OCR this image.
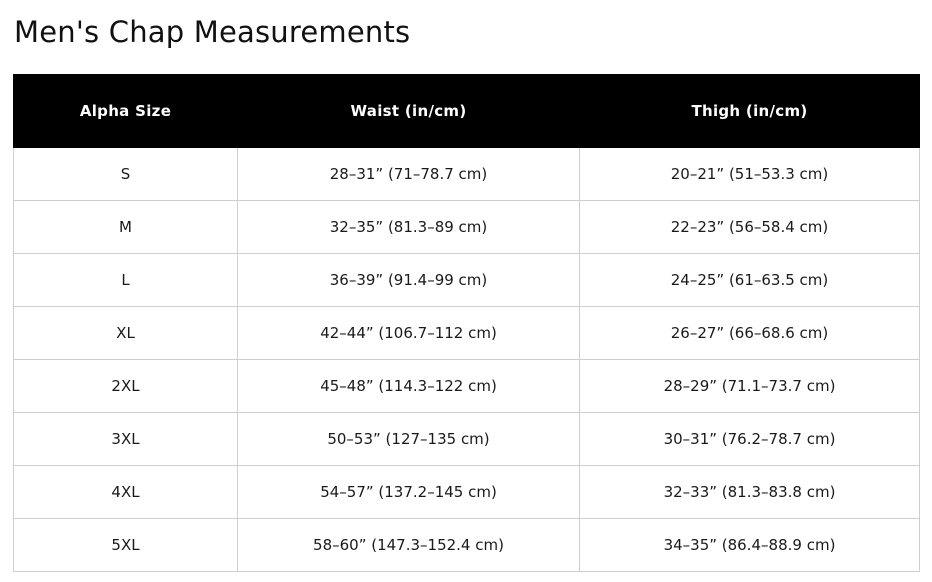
Men's Chap Measurements
Alpha Size	Waist (in/cm)	Thigh (in/cm)
S	28–31” (71–78.7 cm)	20–21” (51–53.3 cm)
M	32–35” (81.3–89 cm)	22–23” (56–58.4 cm)
L	36–39” (91.4–99 cm)	24–25” (61–63.5 cm)
XL	42–44” (106.7–112 cm)	26–27” (66–68.6 cm)
2XL	45–48” (114.3–122 cm)	28–29” (71.1–73.7 cm)
3XL	50–53” (127–135 cm)	30–31” (76.2–78.7 cm)
4XL	54–57” (137.2–145 cm)	32–33” (81.3–83.8 cm)
5XL	58–60” (147.3–152.4 cm)	34–35” (86.4–88.9 cm)
